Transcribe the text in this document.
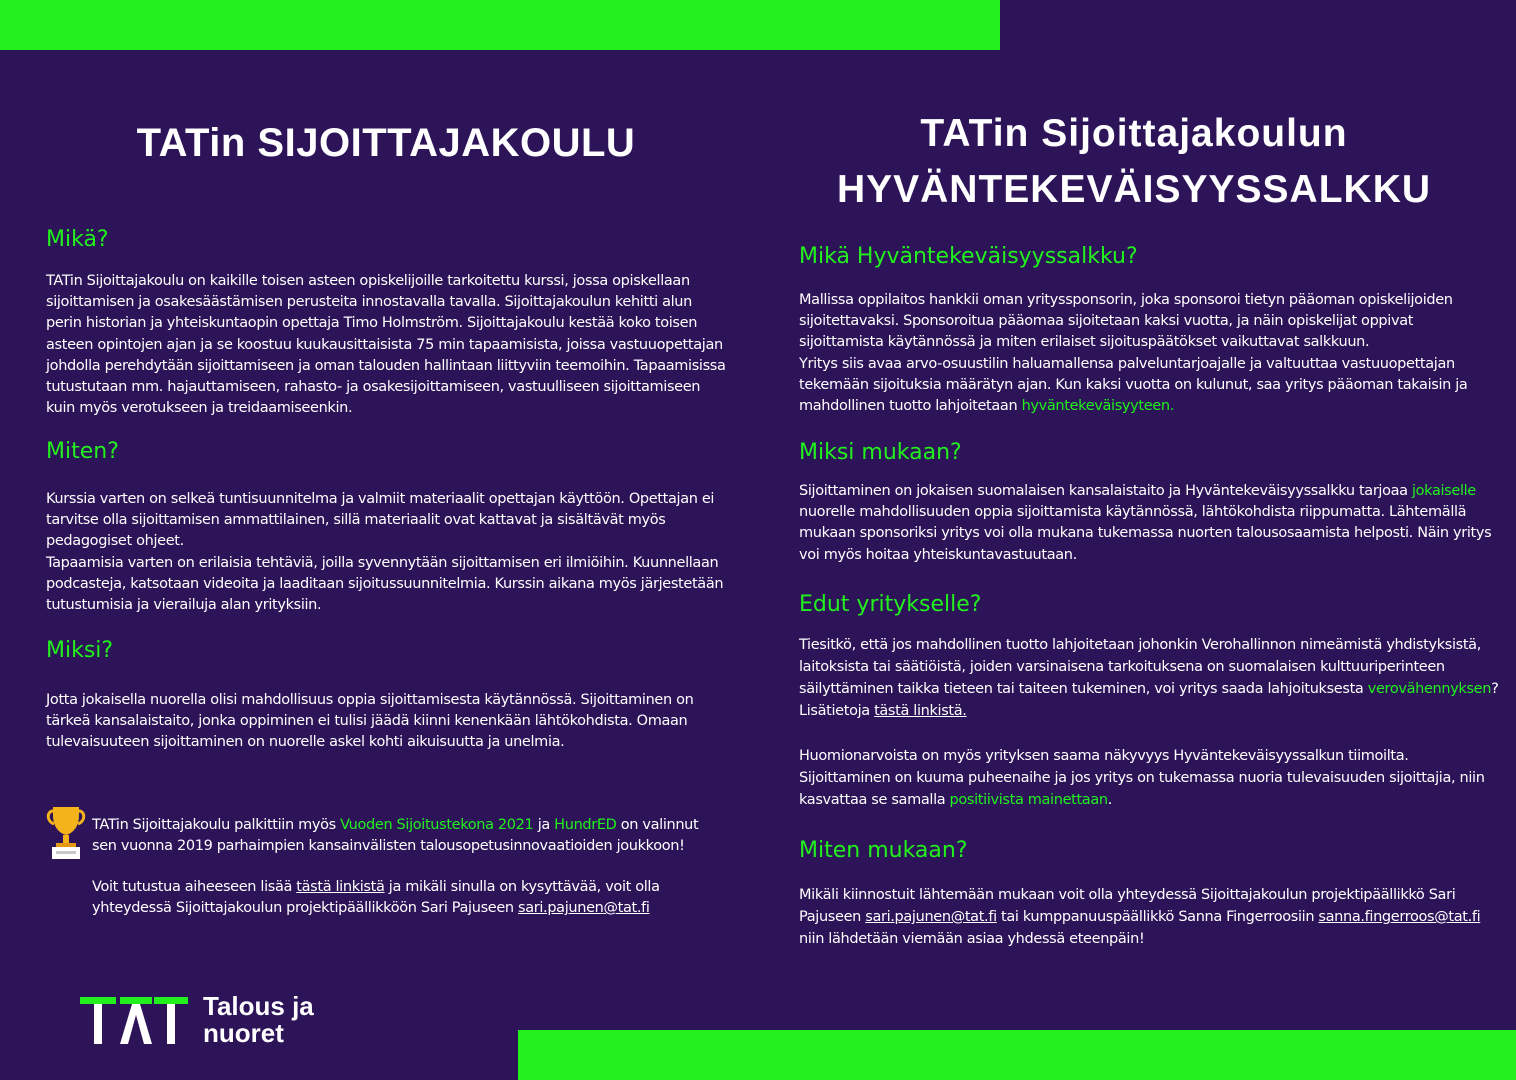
TATin SIJOITTAJAKOULU
Mikä?

TATin Sijoittajakoulu on kaikille toisen asteen opiskelijoille tarkoitettu kurssi, jossa opiskellaan sijoittamisen ja osakesäästämisen perusteita innostavalla tavalla. Sijoittajakoulun kehitti alun perin historian ja yhteiskuntaopin opettaja Timo Holmström. Sijoittajakoulu kestää koko toisen asteen opintojen ajan ja se koostuu kuukausittaisista 75 min tapaamisista, joissa vastuuopettajan johdolla perehdytään sijoittamiseen ja oman talouden hallintaan liittyviin teemoihin. Tapaamisissa tutustutaan mm. hajauttamiseen, rahasto- ja osakesijoittamiseen, vastuulliseen sijoittamiseen kuin myös verotukseen ja treidaamiseenkin.

Miten?
Kurssia varten on selkeä tuntisuunnitelma ja valmiit materiaalit opettajan käyttöön. Opettajan ei tarvitse olla sijoittamisen ammattilainen, sillä materiaalit ovat kattavat ja sisältävät myös pedagogiset ohjeet.
Tapaamisia varten on erilaisia tehtäviä, joilla syvennytään sijoittamisen eri ilmiöihin. Kuunnellaan podcasteja, katsotaan videoita ja laaditaan sijoitussuunnitelmia. Kurssin aikana myös järjestetään tutustumisia ja vierailuja alan yrityksiin.
Miksi?

Jotta jokaisella nuorella olisi mahdollisuus oppia sijoittamisesta käytännössä. Sijoittaminen on tärkeä kansalaistaito, jonka oppiminen ei tulisi jäädä kiinni kenenkään lähtökohdista. Omaan tulevaisuuteen sijoittaminen on nuorelle askel kohti aikuisuutta ja unelmia.

TATin Sijoittajakoulu palkittiin myös Vuoden Sijoitustekona 2021 ja HundrED on valinnut sen vuonna 2019 parhaimpien kansainvälisten talousopetusinnovaatioiden joukkoon!

Voit tutustua aiheeseen lisää tästä linkistä ja mikäli sinulla on kysyttävää, voit olla yhteydessä Sijoittajakoulun projektipäällikköön Sari Pajuseen sari.pajunen@tat.fi

Talous ja
nuoret
TATin Sijoittajakoulun
HYVÄNTEKEVÄISYYSSALKKU
Mikä Hyväntekeväisyyssalkku?
Mallissa oppilaitos hankkii oman yrityssponsorin, joka sponsoroi tietyn pääoman opiskelijoiden sijoitettavaksi. Sponsoroitua pääomaa sijoitetaan kaksi vuotta, ja näin opiskelijat oppivat sijoittamista käytännössä ja miten erilaiset sijoituspäätökset vaikuttavat salkkuun.
Yritys siis avaa arvo-osuustilin haluamallensa palveluntarjoajalle ja valtuuttaa vastuuopettajan tekemään sijoituksia määrätyn ajan. Kun kaksi vuotta on kulunut, saa yritys pääoman takaisin ja mahdollinen tuotto lahjoitetaan hyväntekeväisyyteen.
Miksi mukaan?

Sijoittaminen on jokaisen suomalaisen kansalaistaito ja Hyväntekeväisyyssalkku tarjoaa jokaiselle nuorelle mahdollisuuden oppia sijoittamista käytännössä, lähtökohdista riippumatta. Lähtemällä mukaan sponsoriksi yritys voi olla mukana tukemassa nuorten talousosaamista helposti. Näin yritys voi myös hoitaa yhteiskuntavastuutaan.

Edut yritykselle?

Tiesitkö, että jos mahdollinen tuotto lahjoitetaan johonkin Verohallinnon nimeämistä yhdistyksistä, laitoksista tai säätiöistä, joiden varsinaisena tarkoituksena on suomalaisen kulttuuriperinteen säilyttäminen taikka tieteen tai taiteen tukeminen, voi yritys saada lahjoituksesta verovähennyksen? Lisätietoja tästä linkistä.

Huomionarvoista on myös yrityksen saama näkyvyys Hyväntekeväisyyssalkun tiimoilta. Sijoittaminen on kuuma puheenaihe ja jos yritys on tukemassa nuoria tulevaisuuden sijoittajia, niin kasvattaa se samalla positiivista mainettaan.

Miten mukaan?

Mikäli kiinnostuit lähtemään mukaan voit olla yhteydessä Sijoittajakoulun projektipäällikkö Sari Pajuseen sari.pajunen@tat.fi tai kumppanuuspäällikkö Sanna Fingerroosiin sanna.fingerroos@tat.fi niin lähdetään viemään asiaa yhdessä eteenpäin!
